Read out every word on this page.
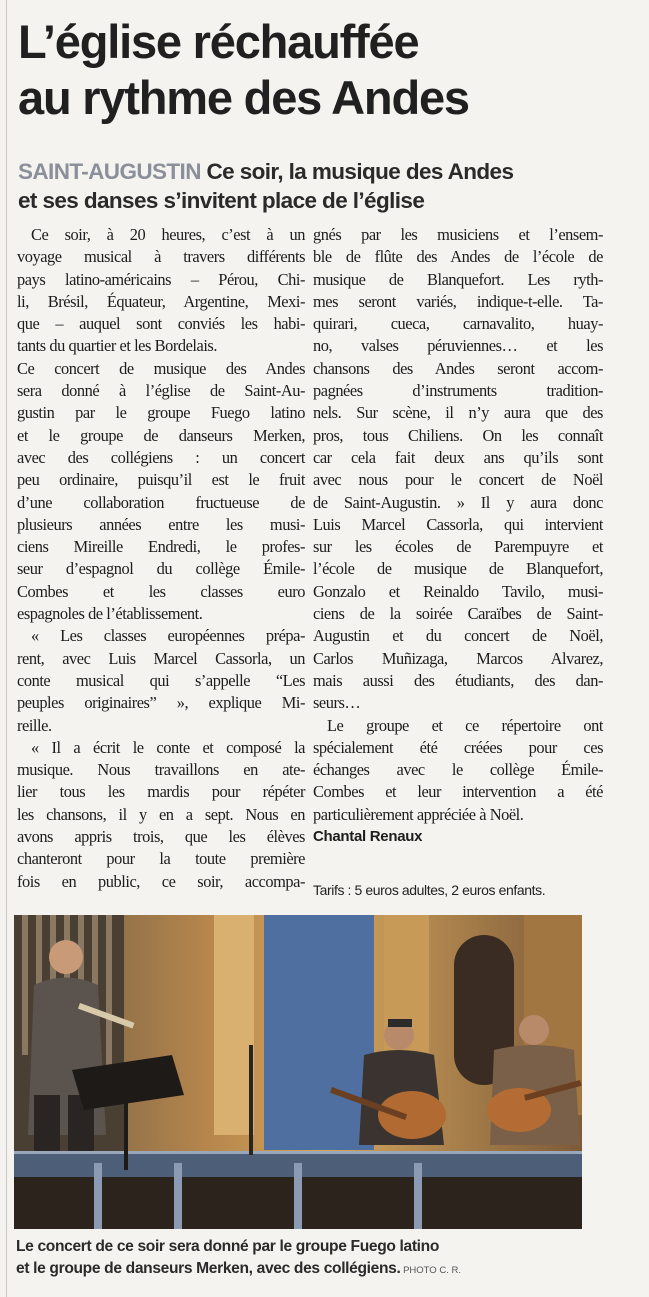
L’église réchauffée
au rythme des Andes
SAINT-AUGUSTIN Ce soir, la musique des Andes
et ses danses s’invitent place de l’église
Ce soir, à 20 heures, c’est à un
voyage musical à travers différents
pays latino-américains – Pérou, Chi-
li, Brésil, Équateur, Argentine, Mexi-
que – auquel sont conviés les habi-
tants du quartier et les Bordelais.
Ce concert de musique des Andes
sera donné à l’église de Saint-Au-
gustin par le groupe Fuego latino
et le groupe de danseurs Merken,
avec des collégiens : un concert
peu ordinaire, puisqu’il est le fruit
d’une collaboration fructueuse de
plusieurs années entre les musi-
ciens Mireille Endredi, le profes-
seur d’espagnol du collège Émile-
Combes et les classes euro
espagnoles de l’établissement.
« Les classes européennes prépa-
rent, avec Luis Marcel Cassorla, un
conte musical qui s’appelle “Les
peuples originaires” », explique Mi-
reille.
« Il a écrit le conte et composé la
musique. Nous travaillons en ate-
lier tous les mardis pour répéter
les chansons, il y en a sept. Nous en
avons appris trois, que les élèves
chanteront pour la toute première
fois en public, ce soir, accompa-
gnés par les musiciens et l’ensem-
ble de flûte des Andes de l’école de
musique de Blanquefort. Les ryth-
mes seront variés, indique-t-elle. Ta-
quirari, cueca, carnavalito, huay-
no, valses péruviennes… et les
chansons des Andes seront accom-
pagnées d’instruments tradition-
nels. Sur scène, il n’y aura que des
pros, tous Chiliens. On les connaît
car cela fait deux ans qu’ils sont
avec nous pour le concert de Noël
de Saint-Augustin. » Il y aura donc
Luis Marcel Cassorla, qui intervient
sur les écoles de Parempuyre et
l’école de musique de Blanquefort,
Gonzalo et Reinaldo Tavilo, musi-
ciens de la soirée Caraïbes de Saint-
Augustin et du concert de Noël,
Carlos Muñizaga, Marcos Alvarez,
mais aussi des étudiants, des dan-
seurs…
Le groupe et ce répertoire ont
spécialement été créées pour ces
échanges avec le collège Émile-
Combes et leur intervention a été
particulièrement appréciée à Noël.
Chantal Renaux
Tarifs : 5 euros adultes, 2 euros enfants.

Le concert de ce soir sera donné par le groupe Fuego latino
et le groupe de danseurs Merken, avec des collégiens. PHOTO C. R.
